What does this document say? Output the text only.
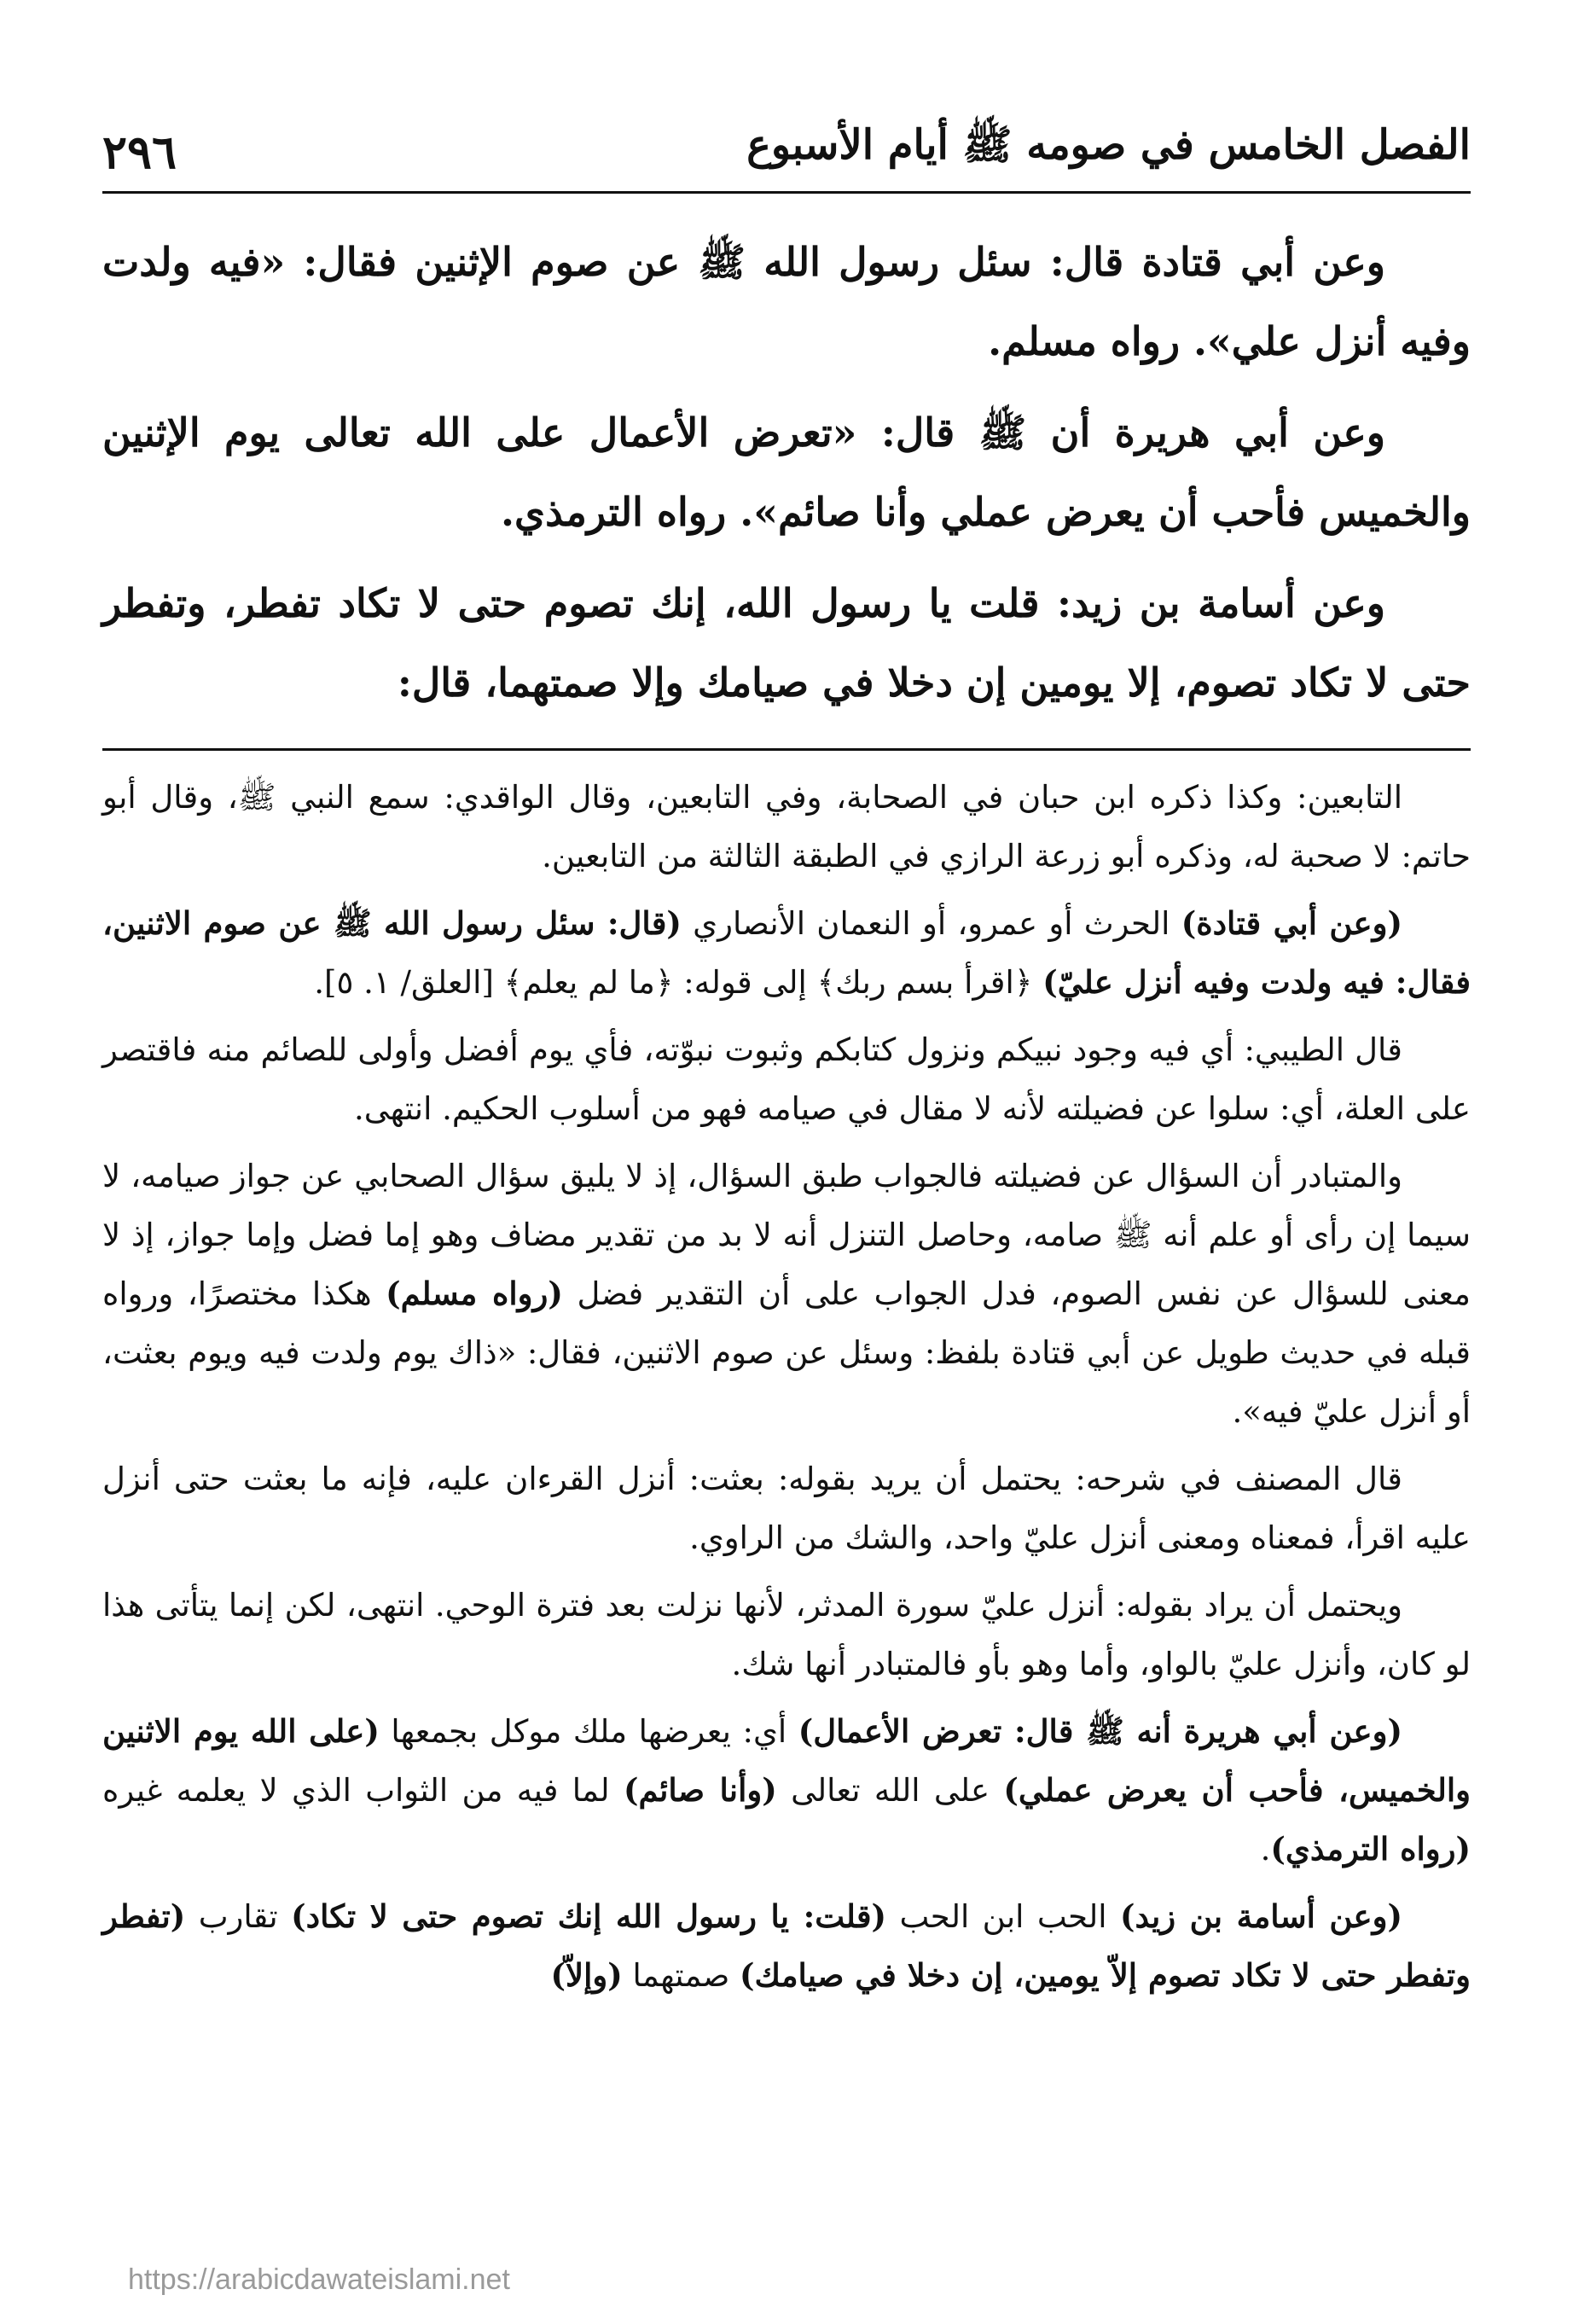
الفصل الخامس في صومه ﷺ أيام الأسبوع
٢٩٦

وعن أبي قتادة قال: سئل رسول الله ﷺ عن صوم الإثنين فقال: «فيه ولدت وفيه أنزل علي». رواه مسلم.

وعن أبي هريرة أن ﷺ قال: «تعرض الأعمال على الله تعالى يوم الإثنين والخميس فأحب أن يعرض عملي وأنا صائم». رواه الترمذي.

وعن أسامة بن زيد: قلت يا رسول الله، إنك تصوم حتى لا تكاد تفطر، وتفطر حتى لا تكاد تصوم، إلا يومين إن دخلا في صيامك وإلا صمتهما، قال:

التابعين: وكذا ذكره ابن حبان في الصحابة، وفي التابعين، وقال الواقدي: سمع النبي ﷺ، وقال أبو حاتم: لا صحبة له، وذكره أبو زرعة الرازي في الطبقة الثالثة من التابعين.

(وعن أبي قتادة) الحرث أو عمرو، أو النعمان الأنصاري (قال: سئل رسول الله ﷺ عن صوم الاثنين، فقال: فيه ولدت وفيه أنزل عليّ) ﴿اقرأ بسم ربك﴾ إلى قوله: ﴿ما لم يعلم﴾ [العلق/ ١. ٥].

قال الطيبي: أي فيه وجود نبيكم ونزول كتابكم وثبوت نبوّته، فأي يوم أفضل وأولى للصائم منه فاقتصر على العلة، أي: سلوا عن فضيلته لأنه لا مقال في صيامه فهو من أسلوب الحكيم. انتهى.

والمتبادر أن السؤال عن فضيلته فالجواب طبق السؤال، إذ لا يليق سؤال الصحابي عن جواز صيامه، لا سيما إن رأى أو علم أنه ﷺ صامه، وحاصل التنزل أنه لا بد من تقدير مضاف وهو إما فضل وإما جواز، إذ لا معنى للسؤال عن نفس الصوم، فدل الجواب على أن التقدير فضل (رواه مسلم) هكذا مختصرًا، ورواه قبله في حديث طويل عن أبي قتادة بلفظ: وسئل عن صوم الاثنين، فقال: «ذاك يوم ولدت فيه ويوم بعثت، أو أنزل عليّ فيه».

قال المصنف في شرحه: يحتمل أن يريد بقوله: بعثت: أنزل القرءان عليه، فإنه ما بعثت حتى أنزل عليه اقرأ، فمعناه ومعنى أنزل عليّ واحد، والشك من الراوي.

ويحتمل أن يراد بقوله: أنزل عليّ سورة المدثر، لأنها نزلت بعد فترة الوحي. انتهى، لكن إنما يتأتى هذا لو كان، وأنزل عليّ بالواو، وأما وهو بأو فالمتبادر أنها شك.

(وعن أبي هريرة أنه ﷺ قال: تعرض الأعمال) أي: يعرضها ملك موكل بجمعها (على الله يوم الاثنين والخميس، فأحب أن يعرض عملي) على الله تعالى (وأنا صائم) لما فيه من الثواب الذي لا يعلمه غيره (رواه الترمذي).

(وعن أسامة بن زيد) الحب ابن الحب (قلت: يا رسول الله إنك تصوم حتى لا تكاد) تقارب (تفطر وتفطر حتى لا تكاد تصوم إلاّ يومين، إن دخلا في صيامك) صمتهما (وإلاّ)

https://arabicdawateislami.net
